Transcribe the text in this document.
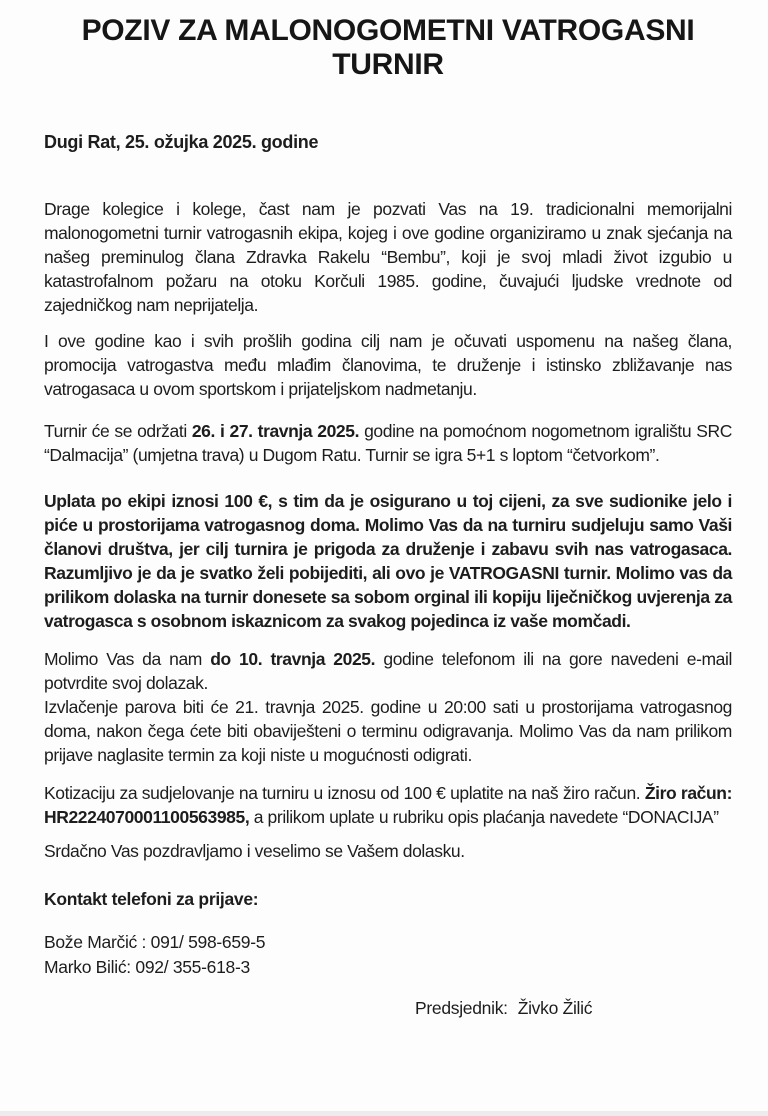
POZIV ZA MALONOGOMETNI VATROGASNI
TURNIR
Dugi Rat, 25. ožujka 2025. godine

Drage kolegice i kolege, čast nam je pozvati Vas na 19. tradicionalni memorijalni malonogometni turnir vatrogasnih ekipa, kojeg i ove godine organiziramo u znak sjećanja na našeg preminulog člana Zdravka Rakelu “Bembu”, koji je svoj mladi život izgubio u katastrofalnom požaru na otoku Korčuli 1985. godine, čuvajući ljudske vrednote od zajedničkog nam neprijatelja.

I ove godine kao i svih prošlih godina cilj nam je očuvati uspomenu na našeg člana, promocija vatrogastva među mlađim članovima, te druženje i istinsko zbližavanje nas vatrogasaca u ovom sportskom i prijateljskom nadmetanju.

Turnir će se održati 26. i 27. travnja 2025. godine na pomoćnom nogometnom igralištu SRC “Dalmacija” (umjetna trava) u Dugom Ratu. Turnir se igra 5+1 s loptom “četvorkom”.

Uplata po ekipi iznosi 100 €, s tim da je osigurano u toj cijeni, za sve sudionike jelo i piće u prostorijama vatrogasnog doma. Molimo Vas da na turniru sudjeluju samo Vaši članovi društva, jer cilj turnira je prigoda za druženje i zabavu svih nas vatrogasaca. Razumljivo je da je svatko želi pobijediti, ali ovo je VATROGASNI turnir. Molimo vas da prilikom dolaska na turnir donesete sa sobom orginal ili kopiju liječničkog uvjerenja za vatrogasca s osobnom iskaznicom za svakog pojedinca iz vaše momčadi.

Molimo Vas da nam do 10. travnja 2025. godine telefonom ili na gore navedeni e-mail potvrdite svoj dolazak.

Izvlačenje parova biti će 21. travnja 2025. godine u 20:00 sati u prostorijama vatrogasnog doma, nakon čega ćete biti obaviješteni o terminu odigravanja. Molimo Vas da nam prilikom prijave naglasite termin za koji niste u mogućnosti odigrati.

Kotizaciju za sudjelovanje na turniru u iznosu od 100 € uplatite na naš žiro račun. Žiro račun: HR2224070001100563985, a prilikom uplate u rubriku opis plaćanja navedete “DONACIJA”

Srdačno Vas pozdravljamo i veselimo se Vašem dolasku.

Kontakt telefoni za prijave:
Bože Marčić : 091/ 598-659-5
Marko Bilić: 092/ 355-618-3
Predsjednik: Živko Žilić
